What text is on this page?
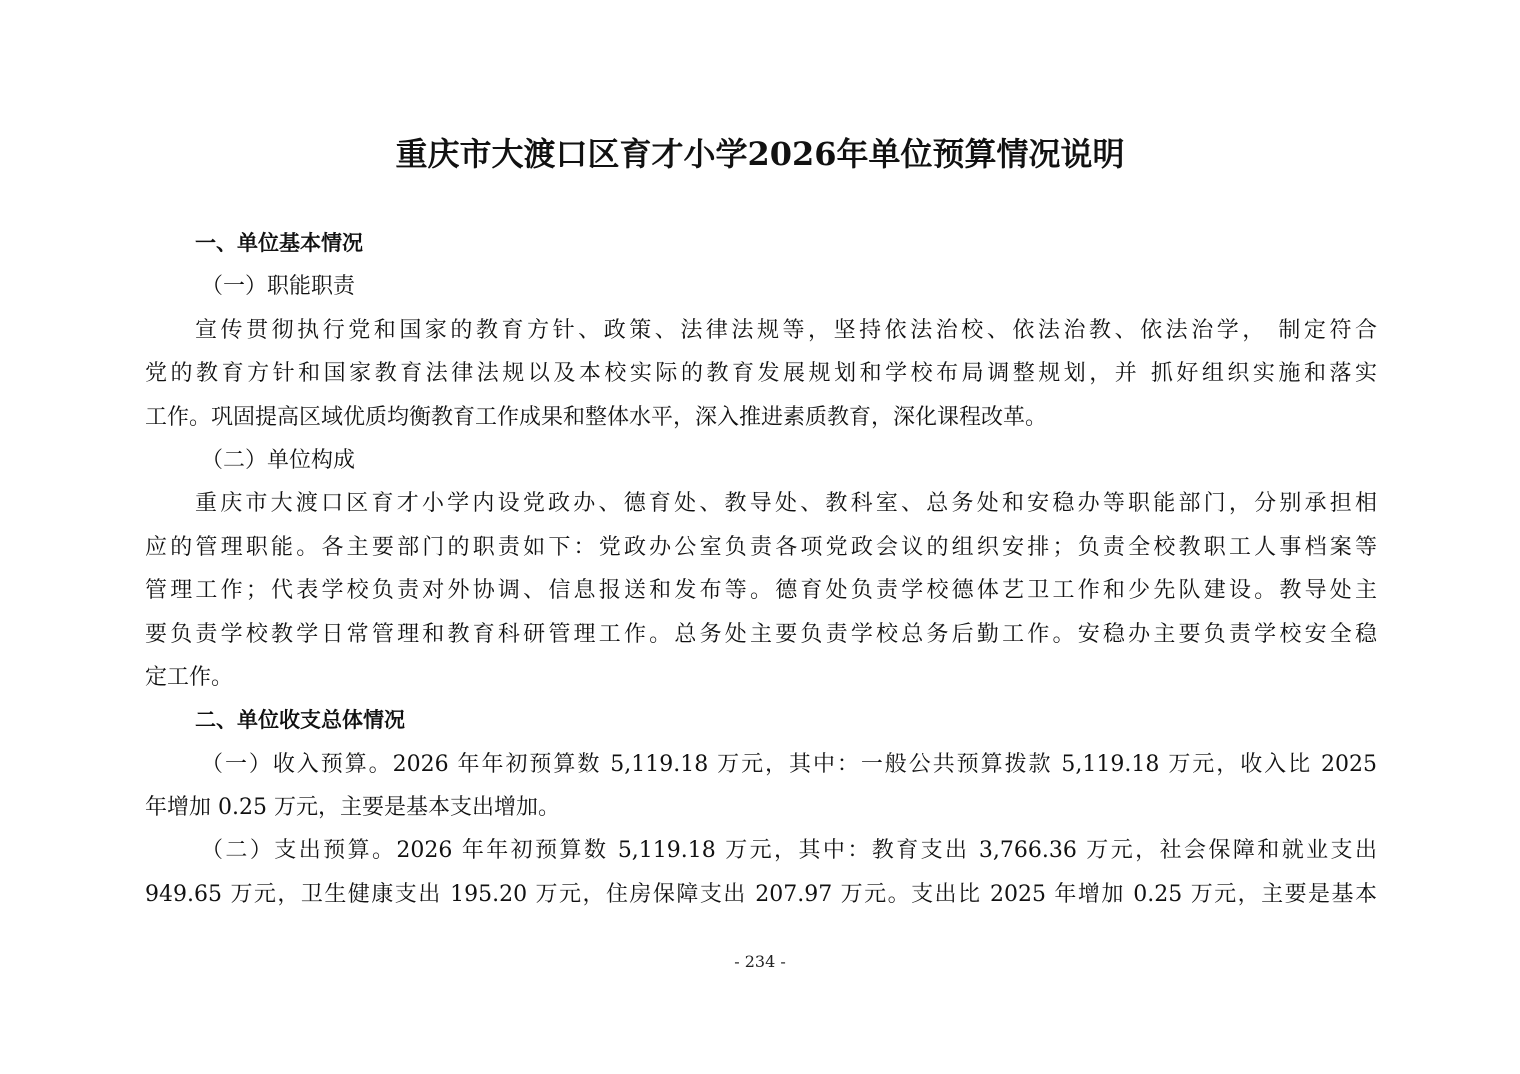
重庆市大渡口区育才小学2026年单位预算情况说明
一、单位基本情况
（一）职能职责
宣传贯彻执行党和国家的教育方针、政策、法律法规等，坚持依法治校、依法治教、依法治学， 制定符合
党的教育方针和国家教育法律法规以及本校实际的教育发展规划和学校布局调整规划，并 抓好组织实施和落实
工作。巩固提高区域优质均衡教育工作成果和整体水平，深入推进素质教育，深化课程改革。
（二）单位构成
重庆市大渡口区育才小学内设党政办、德育处、教导处、教科室、总务处和安稳办等职能部门，分别承担相
应的管理职能。各主要部门的职责如下：党政办公室负责各项党政会议的组织安排；负责全校教职工人事档案等
管理工作；代表学校负责对外协调、信息报送和发布等。德育处负责学校德体艺卫工作和少先队建设。教导处主
要负责学校教学日常管理和教育科研管理工作。总务处主要负责学校总务后勤工作。安稳办主要负责学校安全稳
定工作。
二、单位收支总体情况
（一）收入预算。2026 年年初预算数 5,119.18 万元，其中：一般公共预算拨款 5,119.18 万元，收入比 2025
年增加 0.25 万元，主要是基本支出增加。
（二）支出预算。2026 年年初预算数 5,119.18 万元，其中：教育支出 3,766.36 万元，社会保障和就业支出
949.65 万元，卫生健康支出 195.20 万元，住房保障支出 207.97 万元。支出比 2025 年增加 0.25 万元，主要是基本
- 234 -
